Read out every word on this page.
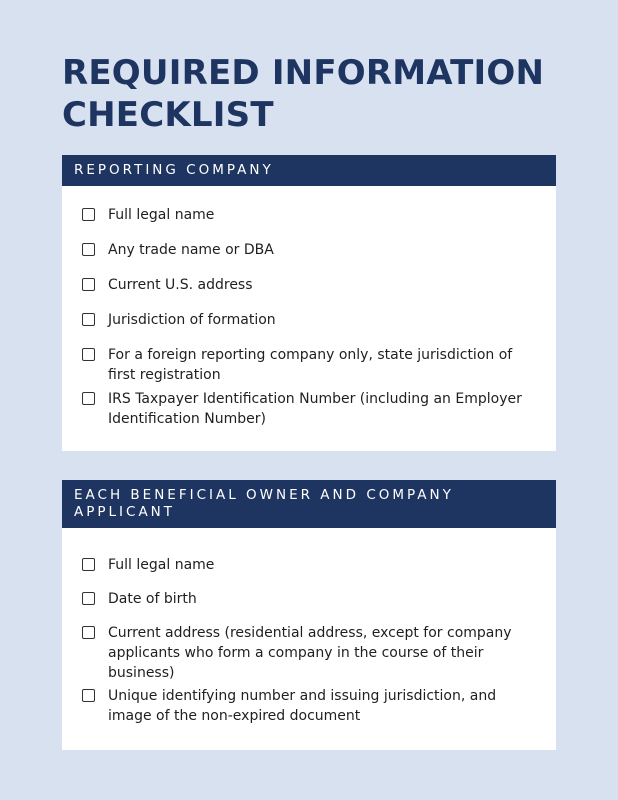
REQUIRED INFORMATION CHECKLIST
REPORTING COMPANY
Full legal name
Any trade name or DBA
Current U.S. address
Jurisdiction of formation
For a foreign reporting company only, state jurisdiction of first registration
IRS Taxpayer Identification Number (including an Employer Identification Number)
EACH BENEFICIAL OWNER AND COMPANY APPLICANT
Full legal name
Date of birth
Current address (residential address, except for company applicants who form a company in the course of their business)
Unique identifying number and issuing jurisdiction, and image of the non-expired document
